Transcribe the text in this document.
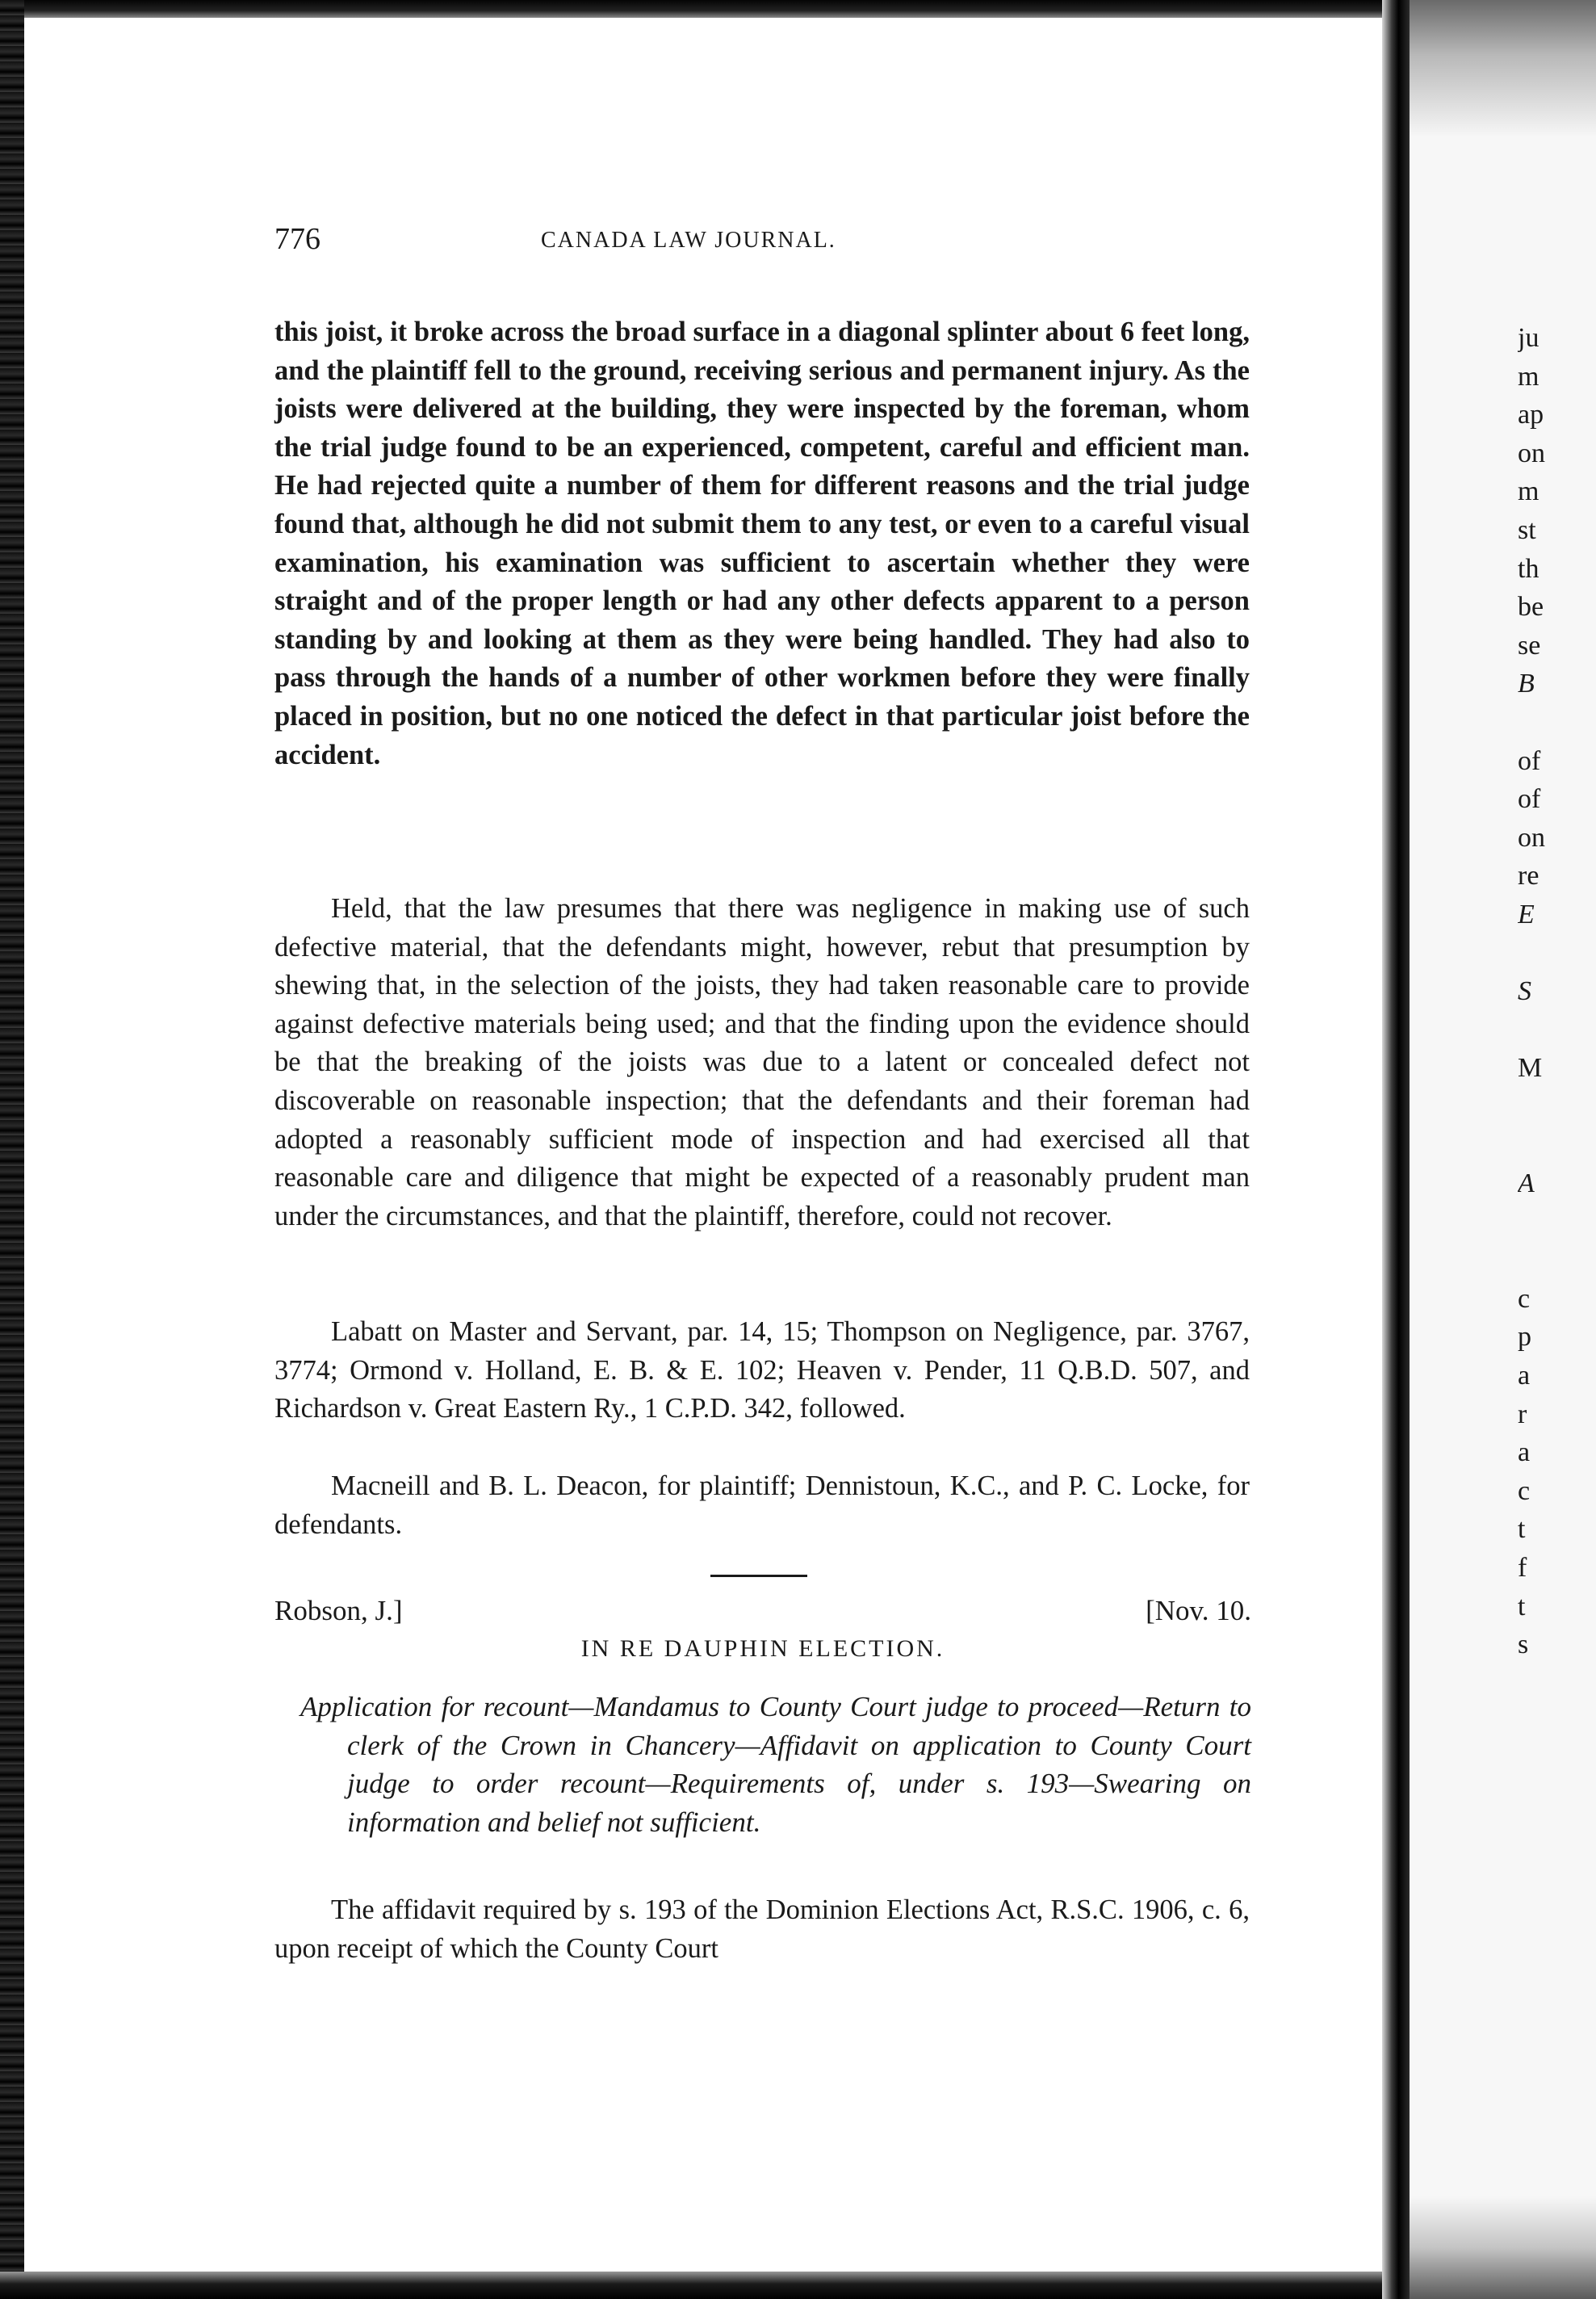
ju
m
ap
on
m
st
th
be
se
B
of
of
on
re
E
S
M
A
c
p
a
r
a
c
t
f
t
s
776	CANADA LAW JOURNAL.

this joist, it broke across the broad surface in a diagonal splinter about 6 feet long, and the plaintiff fell to the ground, receiving serious and permanent injury. As the joists were delivered at the building, they were inspected by the foreman, whom the trial judge found to be an experienced, competent, careful and efficient man. He had rejected quite a number of them for different reasons and the trial judge found that, although he did not submit them to any test, or even to a careful visual examination, his examination was sufficient to ascertain whether they were straight and of the proper length or had any other defects apparent to a person standing by and looking at them as they were being handled. They had also to pass through the hands of a number of other workmen before they were finally placed in position, but no one noticed the defect in that particular joist before the accident.

Held, that the law presumes that there was negligence in making use of such defective material, that the defendants might, however, rebut that presumption by shewing that, in the selection of the joists, they had taken reasonable care to provide against defective materials being used; and that the finding upon the evidence should be that the breaking of the joists was due to a latent or concealed defect not discoverable on reasonable inspection; that the defendants and their foreman had adopted a reasonably sufficient mode of inspection and had exercised all that reasonable care and diligence that might be expected of a reasonably prudent man under the circumstances, and that the plaintiff, therefore, could not recover.

Labatt on Master and Servant, par. 14, 15; Thompson on Negligence, par. 3767, 3774; Ormond v. Holland, E. B. & E. 102; Heaven v. Pender, 11 Q.B.D. 507, and Richardson v. Great Eastern Ry., 1 C.P.D. 342, followed.

Macneill and B. L. Deacon, for plaintiff; Dennistoun, K.C., and P. C. Locke, for defendants.

Robson, J.]	[Nov. 10.
IN RE DAUPHIN ELECTION.

Application for recount—Mandamus to County Court judge to proceed—Return to clerk of the Crown in Chancery—Affidavit on application to County Court judge to order recount—Requirements of, under s. 193—Swearing on information and belief not sufficient.

The affidavit required by s. 193 of the Dominion Elections Act, R.S.C. 1906, c. 6, upon receipt of which the County Court
